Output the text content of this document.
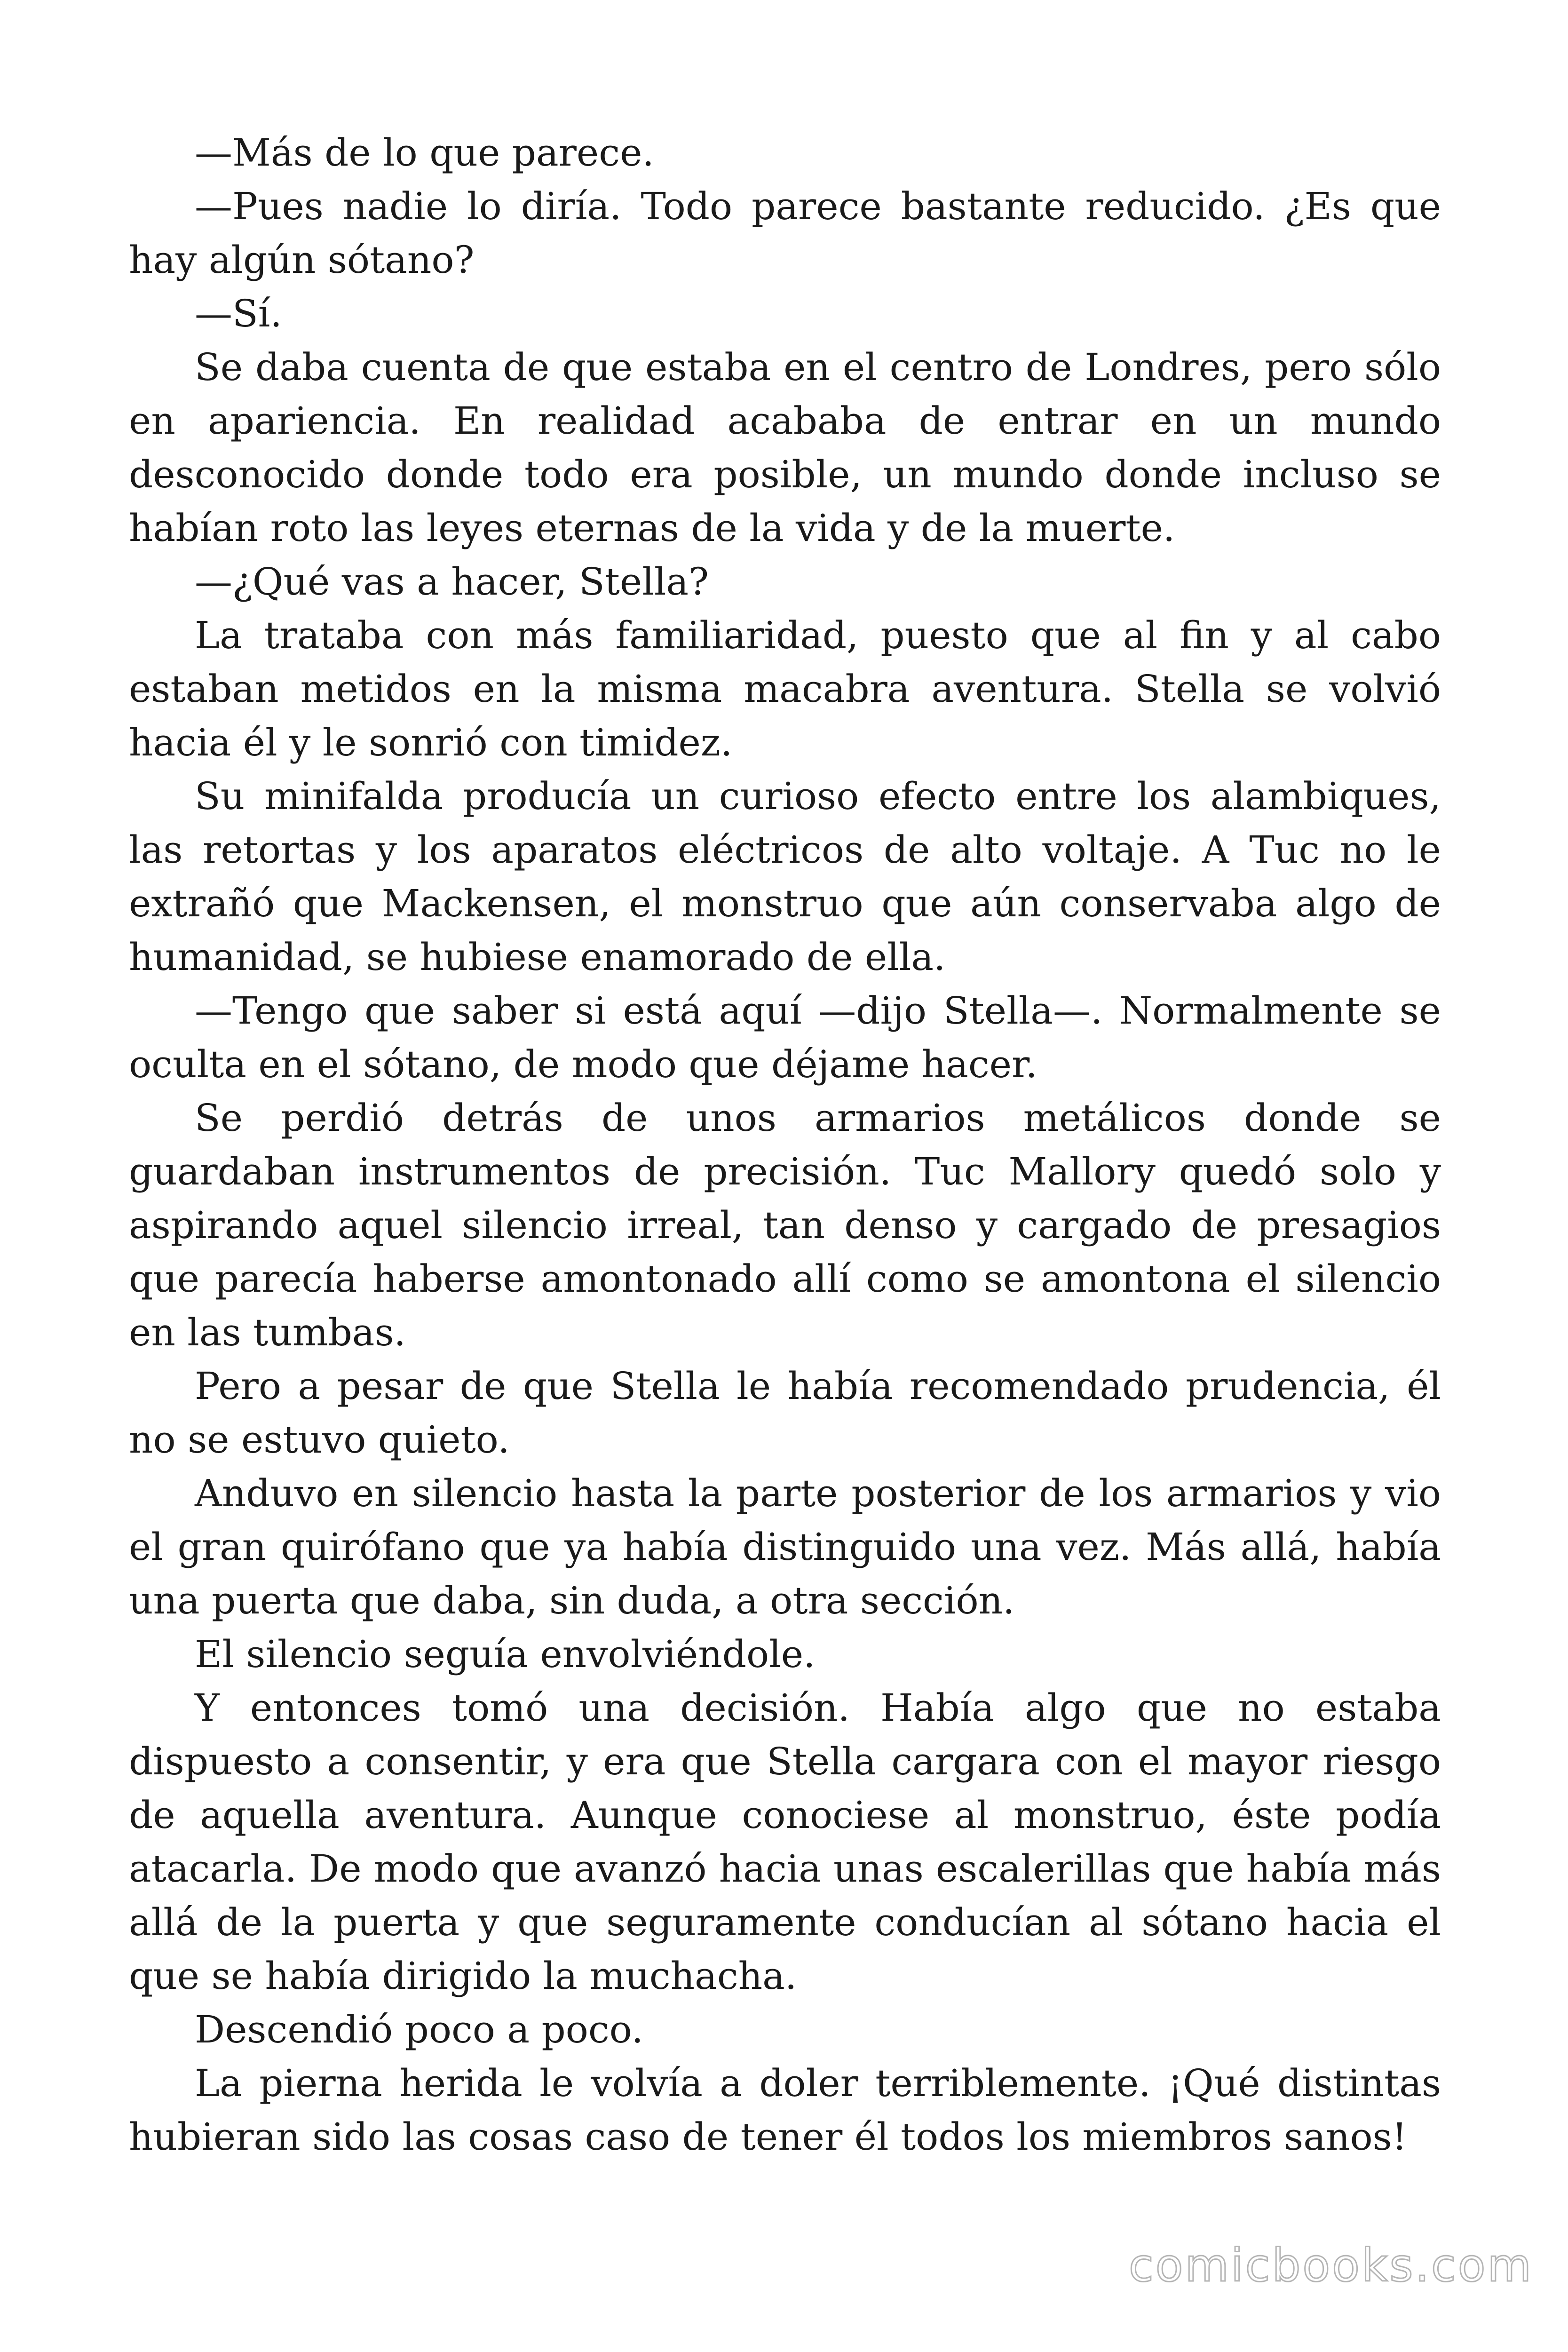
—Más de lo que parece.

—Pues nadie lo diría. Todo parece bastante reducido. ¿Es que hay algún sótano?

—Sí.

Se daba cuenta de que estaba en el centro de Londres, pero sólo en apariencia. En realidad acababa de entrar en un mundo desconocido donde todo era posible, un mundo donde incluso se habían roto las leyes eternas de la vida y de la muerte.

—¿Qué vas a hacer, Stella?

La trataba con más familiaridad, puesto que al fin y al cabo estaban metidos en la misma macabra aventura. Stella se volvió hacia él y le sonrió con timidez.

Su minifalda producía un curioso efecto entre los alambiques, las retortas y los aparatos eléctricos de alto voltaje. A Tuc no le extrañó que Mackensen, el monstruo que aún conservaba algo de humanidad, se hubiese enamorado de ella.

—Tengo que saber si está aquí —dijo Stella—. Normalmente se oculta en el sótano, de modo que déjame hacer.

Se perdió detrás de unos armarios metálicos donde se guardaban instrumentos de precisión. Tuc Mallory quedó solo y aspirando aquel silencio irreal, tan denso y cargado de presagios que parecía haberse amontonado allí como se amontona el silencio en las tumbas.

Pero a pesar de que Stella le había recomendado prudencia, él no se estuvo quieto.

Anduvo en silencio hasta la parte posterior de los armarios y vio el gran quirófano que ya había distinguido una vez. Más allá, había una puerta que daba, sin duda, a otra sección.

El silencio seguía envolviéndole.

Y entonces tomó una decisión. Había algo que no estaba dispuesto a consentir, y era que Stella cargara con el mayor riesgo de aquella aventura. Aunque conociese al monstruo, éste podía atacarla. De modo que avanzó hacia unas escalerillas que había más allá de la puerta y que seguramente conducían al sótano hacia el que se había dirigido la muchacha.

Descendió poco a poco.

La pierna herida le volvía a doler terriblemente. ¡Qué distintas hubieran sido las cosas caso de tener él todos los miembros sanos!

comicbooks.com
